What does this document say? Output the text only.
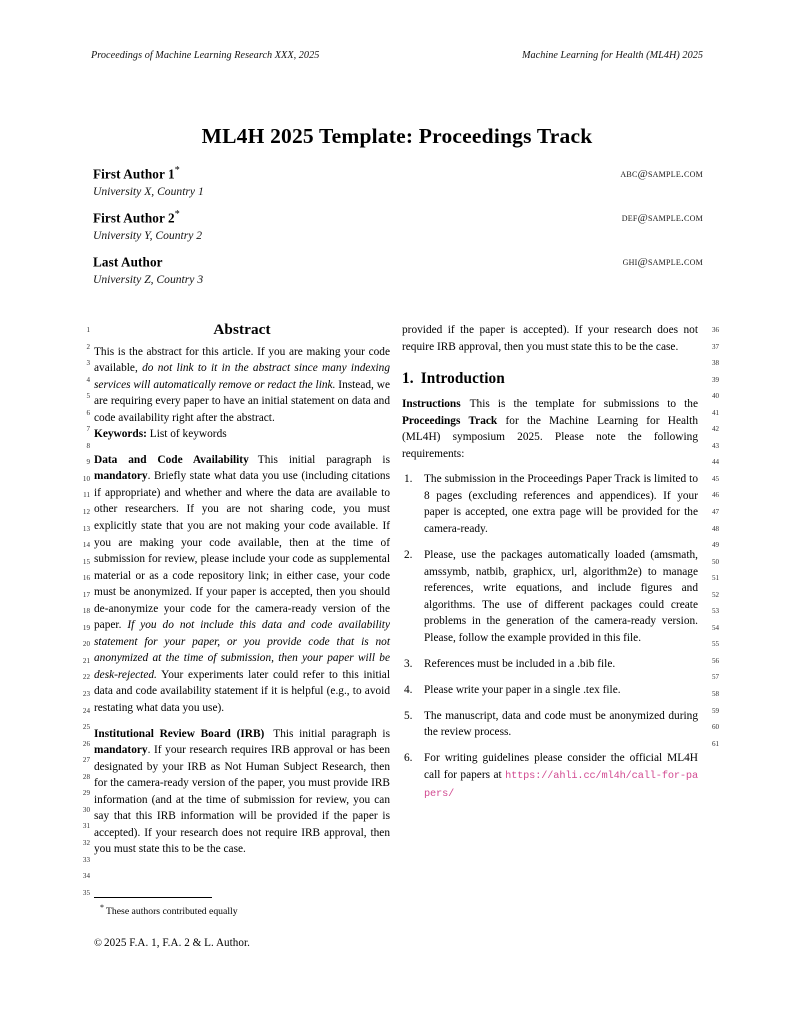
Proceedings of Machine Learning Research XXX, 2025	Machine Learning for Health (ML4H) 2025
ML4H 2025 Template: Proceedings Track
First Author 1*
University X, Country 1
abc@sample.com
First Author 2*
University Y, Country 2
def@sample.com
Last Author
University Z, Country 3
ghi@sample.com
1
2
3
4
5
6
7
8
9
10
11
12
13
14
15
16
17
18
19
20
21
22
23
24
25
26
27
28
29
30
31
32
33
34
35
36
37
38
39
40
41
42
43
44
45
46
47
48
49
50
51
52
53
54
55
56
57
58
59
60
61
Abstract

This is the abstract for this article. If you are making your code available, do not link to it in the abstract since many indexing services will automatically remove or redact the link. Instead, we are requiring every paper to have an initial statement on data and code availability right after the abstract.

Keywords: List of keywords

Data and Code Availability This initial paragraph is mandatory. Briefly state what data you use (including citations if appropriate) and whether and where the data are available to other researchers. If you are not sharing code, you must explicitly state that you are not making your code available. If you are making your code available, then at the time of submission for review, please include your code as supplemental material or as a code repository link; in either case, your code must be anonymized. If your paper is accepted, then you should de-anonymize your code for the camera-ready version of the paper. If you do not include this data and code availability statement for your paper, or you provide code that is not anonymized at the time of submission, then your paper will be desk-rejected. Your experiments later could refer to this initial data and code availability statement if it is helpful (e.g., to avoid restating what data you use).

Institutional Review Board (IRB) This initial paragraph is mandatory. If your research requires IRB approval or has been designated by your IRB as Not Human Subject Research, then for the camera-ready version of the paper, you must provide IRB information (and at the time of submission for review, you can say that this IRB information will be provided if the paper is accepted). If your research does not require IRB approval, then you must state this to be the case.

provided if the paper is accepted). If your research does not require IRB approval, then you must state this to be the case.

1. Introduction

Instructions This is the template for submissions to the Proceedings Track for the Machine Learning for Health (ML4H) symposium 2025. Please note the following requirements:

The submission in the Proceedings Paper Track is limited to 8 pages (excluding references and appendices). If your paper is accepted, one extra page will be provided for the camera-ready.
Please, use the packages automatically loaded (amsmath, amssymb, natbib, graphicx, url, algorithm2e) to manage references, write equations, and include figures and algorithms. The use of different packages could create problems in the generation of the camera-ready version. Please, follow the example provided in this file.
References must be included in a .bib file.
Please write your paper in a single .tex file.
The manuscript, data and code must be anonymized during the review process.
For writing guidelines please consider the official ML4H call for papers at https://ahli.cc/ml4h/call-for-papers/
* These authors contributed equally
© 2025 F.A. 1, F.A. 2 & L. Author.
